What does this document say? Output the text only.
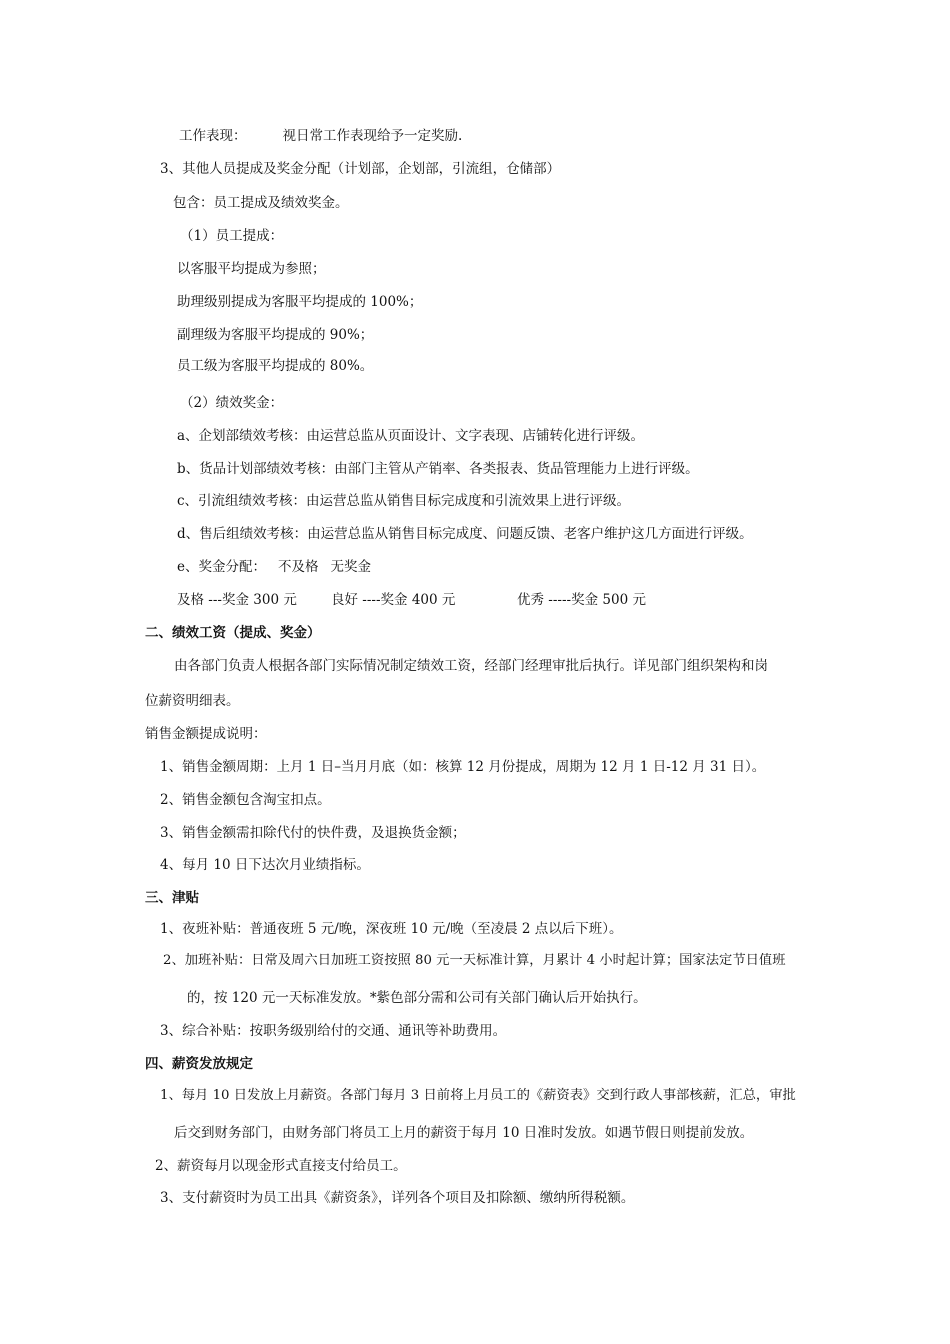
工作表现：	视日常工作表现给予一定奖励.
3、其他人员提成及奖金分配（计划部，企划部，引流组，仓储部）
包含：员工提成及绩效奖金。
（1）员工提成：
以客服平均提成为参照；
助理级别提成为客服平均提成的 100%；
副理级为客服平均提成的 90%；
员工级为客服平均提成的 80%。
（2）绩效奖金：
a、企划部绩效考核：由运营总监从页面设计、文字表现、店铺转化进行评级。
b、货品计划部绩效考核：由部门主管从产销率、各类报表、货品管理能力上进行评级。
c、引流组绩效考核：由运营总监从销售目标完成度和引流效果上进行评级。
d、售后组绩效考核：由运营总监从销售目标完成度、问题反馈、老客户维护这几方面进行评级。
e、奖金分配： 不及格 无奖金
及格 ---奖金 300 元	良好 ----奖金 400 元	优秀 -----奖金 500 元
二、绩效工资（提成、奖金）
由各部门负责人根据各部门实际情况制定绩效工资，经部门经理审批后执行。详见部门组织架构和岗
位薪资明细表。
销售金额提成说明：
1、销售金额周期：上月 1 日–当月月底（如：核算 12 月份提成，周期为 12 月 1 日-12 月 31 日）。
2、销售金额包含淘宝扣点。
3、销售金额需扣除代付的快件费，及退换货金额；
4、每月 10 日下达次月业绩指标。
三、津贴
1、夜班补贴：普通夜班 5 元/晚，深夜班 10 元/晚（至凌晨 2 点以后下班）。
2、加班补贴：日常及周六日加班工资按照 80 元一天标准计算，月累计 4 小时起计算；国家法定节日值班
的，按 120 元一天标准发放。*紫色部分需和公司有关部门确认后开始执行。
3、综合补贴：按职务级别给付的交通、通讯等补助费用。
四、薪资发放规定
1、每月 10 日发放上月薪资。各部门每月 3 日前将上月员工的《薪资表》交到行政人事部核薪，汇总，审批
后交到财务部门，由财务部门将员工上月的薪资于每月 10 日准时发放。如遇节假日则提前发放。
2、薪资每月以现金形式直接支付给员工。
3、支付薪资时为员工出具《薪资条》，详列各个项目及扣除额、缴纳所得税额。
